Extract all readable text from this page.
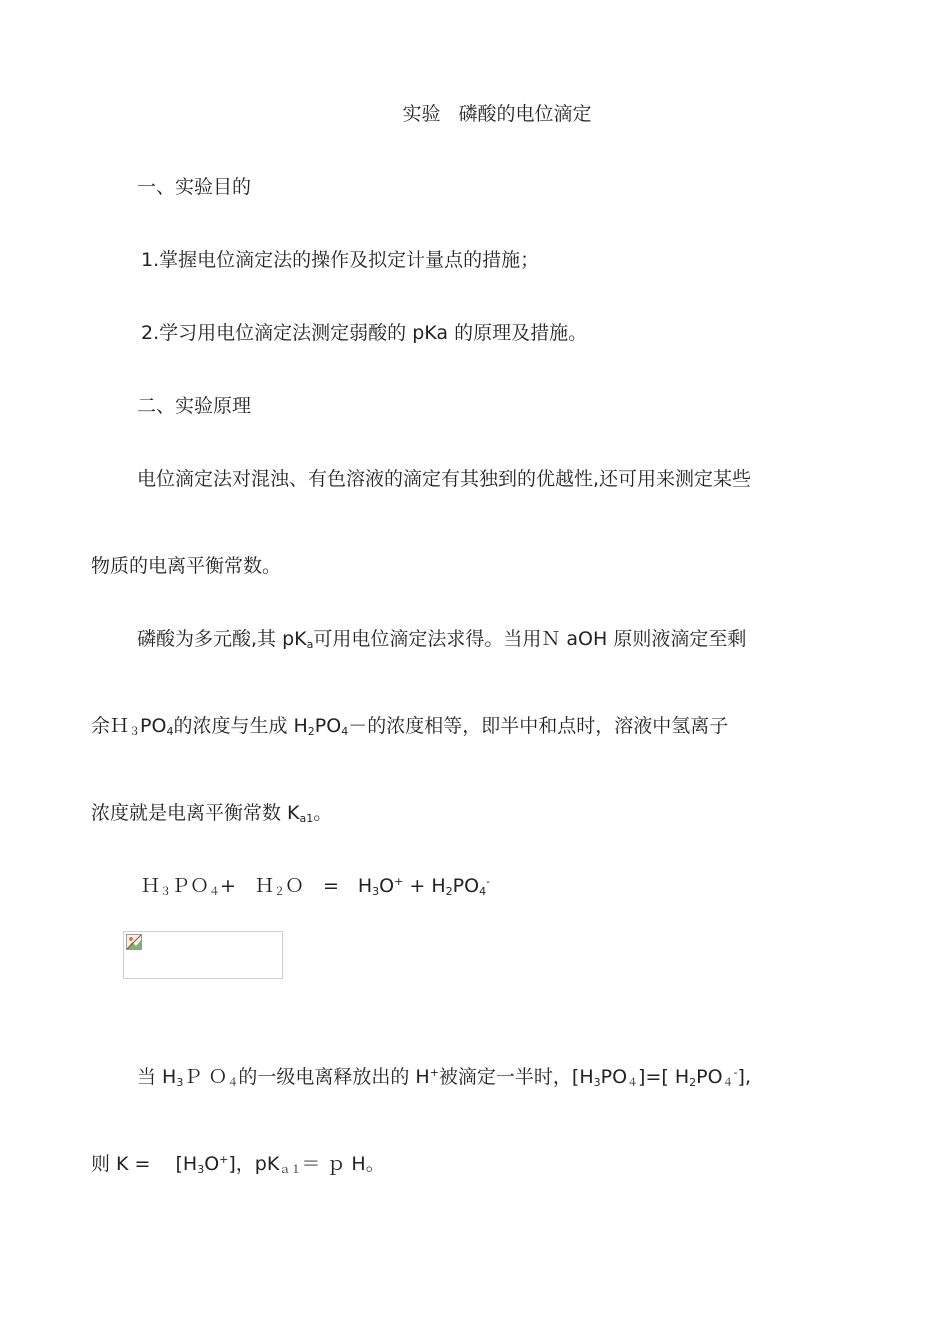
实验 磷酸的电位滴定
一、实验目的
1.掌握电位滴定法的操作及拟定计量点的措施；
2.学习用电位滴定法测定弱酸的 pKa 的原理及措施。
二、实验原理
电位滴定法对混浊、有色溶液的滴定有其独到的优越性,还可用来测定某些
物质的电离平衡常数。
磷酸为多元酸,其 $pK_a$可用电位滴定法求得。当用Ｎ aOH 原则液滴定至剩
余$H_3PO_4$的浓度与生成 $H_2PO_4-$的浓度相等，即半中和点时，溶液中氢离子
浓度就是电离平衡常数 $K_{a1}$。
Ｈ$_3$ＰＯ$_4$+　Ｈ$_2$Ｏ　=　$H_3O^+ + H_2PO_4^-$
当 $H_3P$ Ｏ$_4$的一级电离释放出的 H+被滴定一半时，$[H_3PO_4]=$[ $H_2PO_4^-$],
则 K =　 $[H_3O^+]$，$pK_{a1}=$ ｐ H。
